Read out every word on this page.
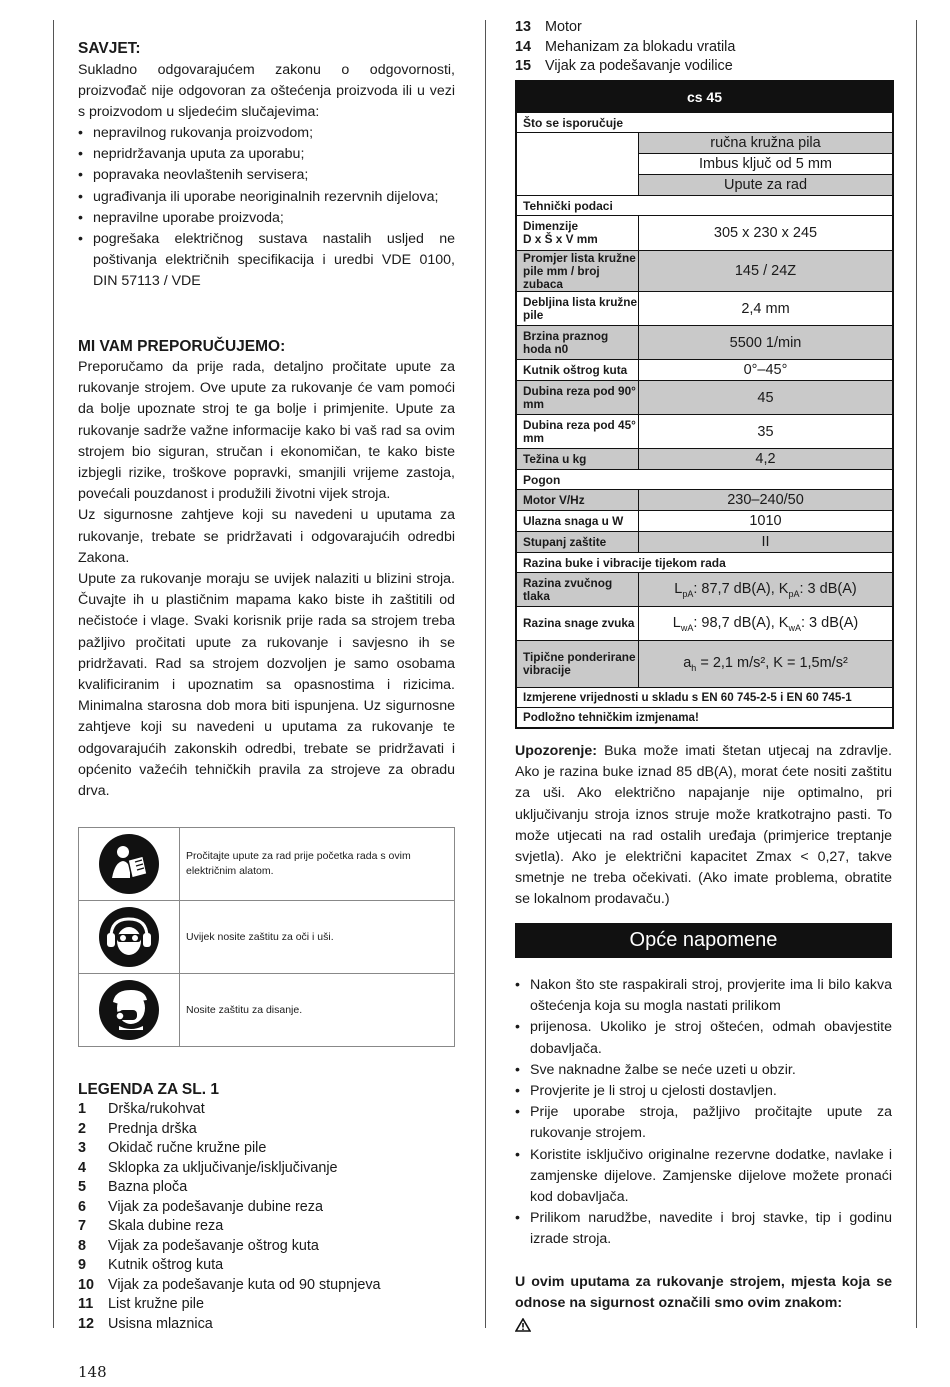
SAVJET:

Sukladno odgovarajućem zakonu o odgovornosti, proizvođač nije odgovoran za oštećenja proizvoda ili u vezi s proizvodom u sljedećim slučajevima:

• nepravilnog rukovanja proizvodom;
• nepridržavanja uputa za uporabu;
• popravaka neovlaštenih servisera;
• ugrađivanja ili uporabe neoriginalnih rezervnih dijelova;
• nepravilne uporabe proizvoda;
• pogrešaka električnog sustava nastalih usljed ne poštivanja električnih specifikacija i uredbi VDE 0100, DIN 57113 / VDE
MI VAM PREPORUČUJEMO:

Preporučamo da prije rada, detaljno pročitate upute za rukovanje strojem. Ove upute za rukovanje će vam pomoći da bolje upoznate stroj te ga bolje i primjenite. Upute za rukovanje sadrže važne informacije kako bi vaš rad sa ovim strojem bio siguran, stručan i ekonomičan, te kako biste izbjegli rizike, troškove popravki, smanjili vrijeme zastoja, povećali pouzdanost i produžili životni vijek stroja.

Uz sigurnosne zahtjeve koji su navedeni u uputama za rukovanje, trebate se pridržavati i odgovarajućih odredbi Zakona.

Upute za rukovanje moraju se uvijek nalaziti u blizini stroja. Čuvajte ih u plastičnim mapama kako biste ih zaštitili od nečistoće i vlage. Svaki korisnik prije rada sa strojem treba pažljivo pročitati upute za rukovanje i savjesno ih se pridržavati. Rad sa strojem dozvoljen je samo osobama kvalificiranim i upoznatim sa opasnostima i rizicima. Minimalna starosna dob mora biti ispunjena. Uz sigurnosne zahtjeve koji su navedeni u uputama za rukovanje te odgovarajućih zakonskih odredbi, trebate se pridržavati i općenito važećih tehničkih pravila za strojeve za obradu drva.

	Pročitajte upute za rad prije početka rada s ovim električnim alatom.

	Uvijek nosite zaštitu za oči i uši.

	Nosite zaštitu za disanje.
LEGENDA ZA SL. 1
1 Drška/rukohvat
2 Prednja drška
3 Okidač ručne kružne pile
4 Sklopka za uključivanje/isključivanje
5 Bazna ploča
6 Vijak za podešavanje dubine reza
7 Skala dubine reza
8 Vijak za podešavanje oštrog kuta
9 Kutnik oštrog kuta
10 Vijak za podešavanje kuta od 90 stupnjeva
11 List kružne pile
12 Usisna mlaznica
13 Motor
14 Mehanizam za blokadu vratila
15 Vijak za podešavanje vodilice
cs 45	
Što se isporučuje	
	ručna kružna pila
	Imbus ključ od 5 mm
	Upute za rad
Tehnički podaci	
Dimenzije
D x Š x V mm	305 x 230 x 245
Promjer lista kružne pile mm / broj zubaca	145 / 24Z
Debljina lista kružne pile	2,4 mm
Brzina praznog hoda n0	5500 1/min
Kutnik oštrog kuta	0°–45°
Dubina reza pod 90° mm	45
Dubina reza pod 45° mm	35
Težina u kg	4,2
Pogon	
Motor V/Hz	230–240/50
Ulazna snaga u W	1010
Stupanj zaštite	II
Razina buke i vibracije tijekom rada	
Razina zvučnog tlaka	$L_{pA}$: 87,7 dB(A), $K_{pA}$: 3 dB(A)
Razina snage zvuka	$L_{wA}$: 98,7 dB(A), $K_{wA}$: 3 dB(A)
Tipične ponderirane vibracije	$a_h = 2,1$ m/s², K = 1,5m/s²
Izmjerene vrijednosti u skladu s EN 60 745-2-5 i EN 60 745-1	
Podložno tehničkim izmjenama!	

Upozorenje: Buka može imati štetan utjecaj na zdravlje. Ako je razina buke iznad 85 dB(A), morat ćete nositi zaštitu za uši. Ako električno napajanje nije optimalno, pri uključivanju stroja iznos struje može kratkotrajno pasti. To može utjecati na rad ostalih uređaja (primjerice treptanje svjetla). Ako je električni kapacitet Zmax < 0,27, takve smetnje ne treba očekivati. (Ako imate problema, obratite se lokalnom prodavaču.)

Opće napomene
• Nakon što ste raspakirali stroj, provjerite ima li bilo kakva oštećenja koja su mogla nastati prilikom
• prijenosa. Ukoliko je stroj oštećen, odmah obavjestite dobavljača.
• Sve naknadne žalbe se neće uzeti u obzir.
• Provjerite je li stroj u cjelosti dostavljen.
• Prije uporabe stroja, pažljivo pročitajte upute za rukovanje strojem.
• Koristite isključivo originalne rezervne dodatke, navlake i zamjenske dijelove. Zamjenske dijelove možete pronaći kod dobavljača.
• Prilikom narudžbe, navedite i broj stavke, tip i godinu izrade stroja.

U ovim uputama za rukovanje strojem, mjesta koja se odnose na sigurnost označili smo ovim znakom:

148
